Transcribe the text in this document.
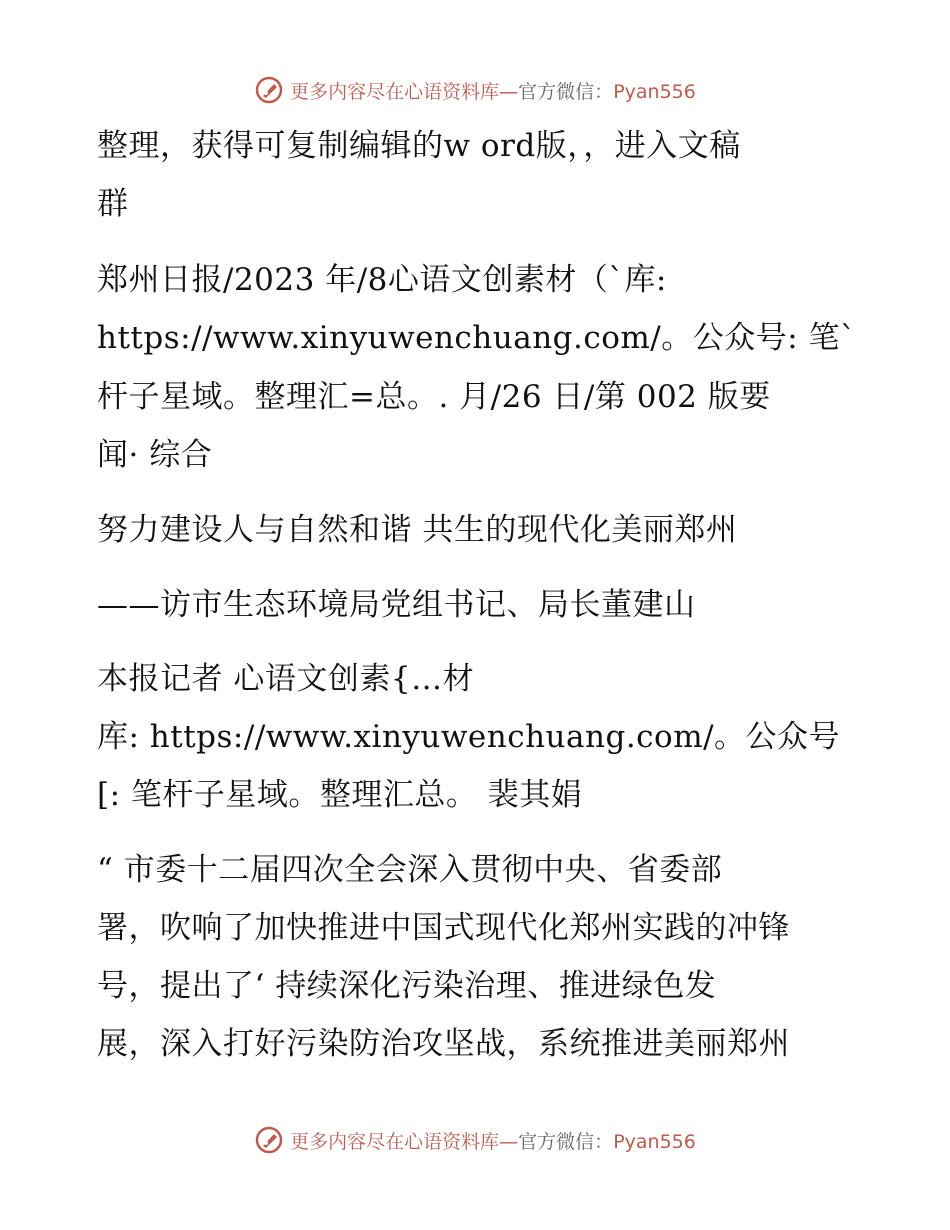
更多内容尽在心语资料库—官方微信：Pyan556
整理，获得可复制编辑的w ord版，，进入文稿
群
郑州日报/2023 年/8心语文创素材（`库:
https://www.xinyuwenchuang.com/。公众号: 笔`
杆子星域。整理汇=总。. 月/26 日/第 002 版要
闻· 综合
努力建设人与自然和谐 共生的现代化美丽郑州
——访市生态环境局党组书记、局长董建山
本报记者 心语文创素{…材
库: https://www.xinyuwenchuang.com/。公众号
[: 笔杆子星域。整理汇总。 裴其娟
“ 市委十二届四次全会深入贯彻中央、省委部
署，吹响了加快推进中国式现代化郑州实践的冲锋
号，提出了‘ 持续深化污染治理、推进绿色发
展，深入打好污染防治攻坚战，系统推进美丽郑州
更多内容尽在心语资料库—官方微信：Pyan556
